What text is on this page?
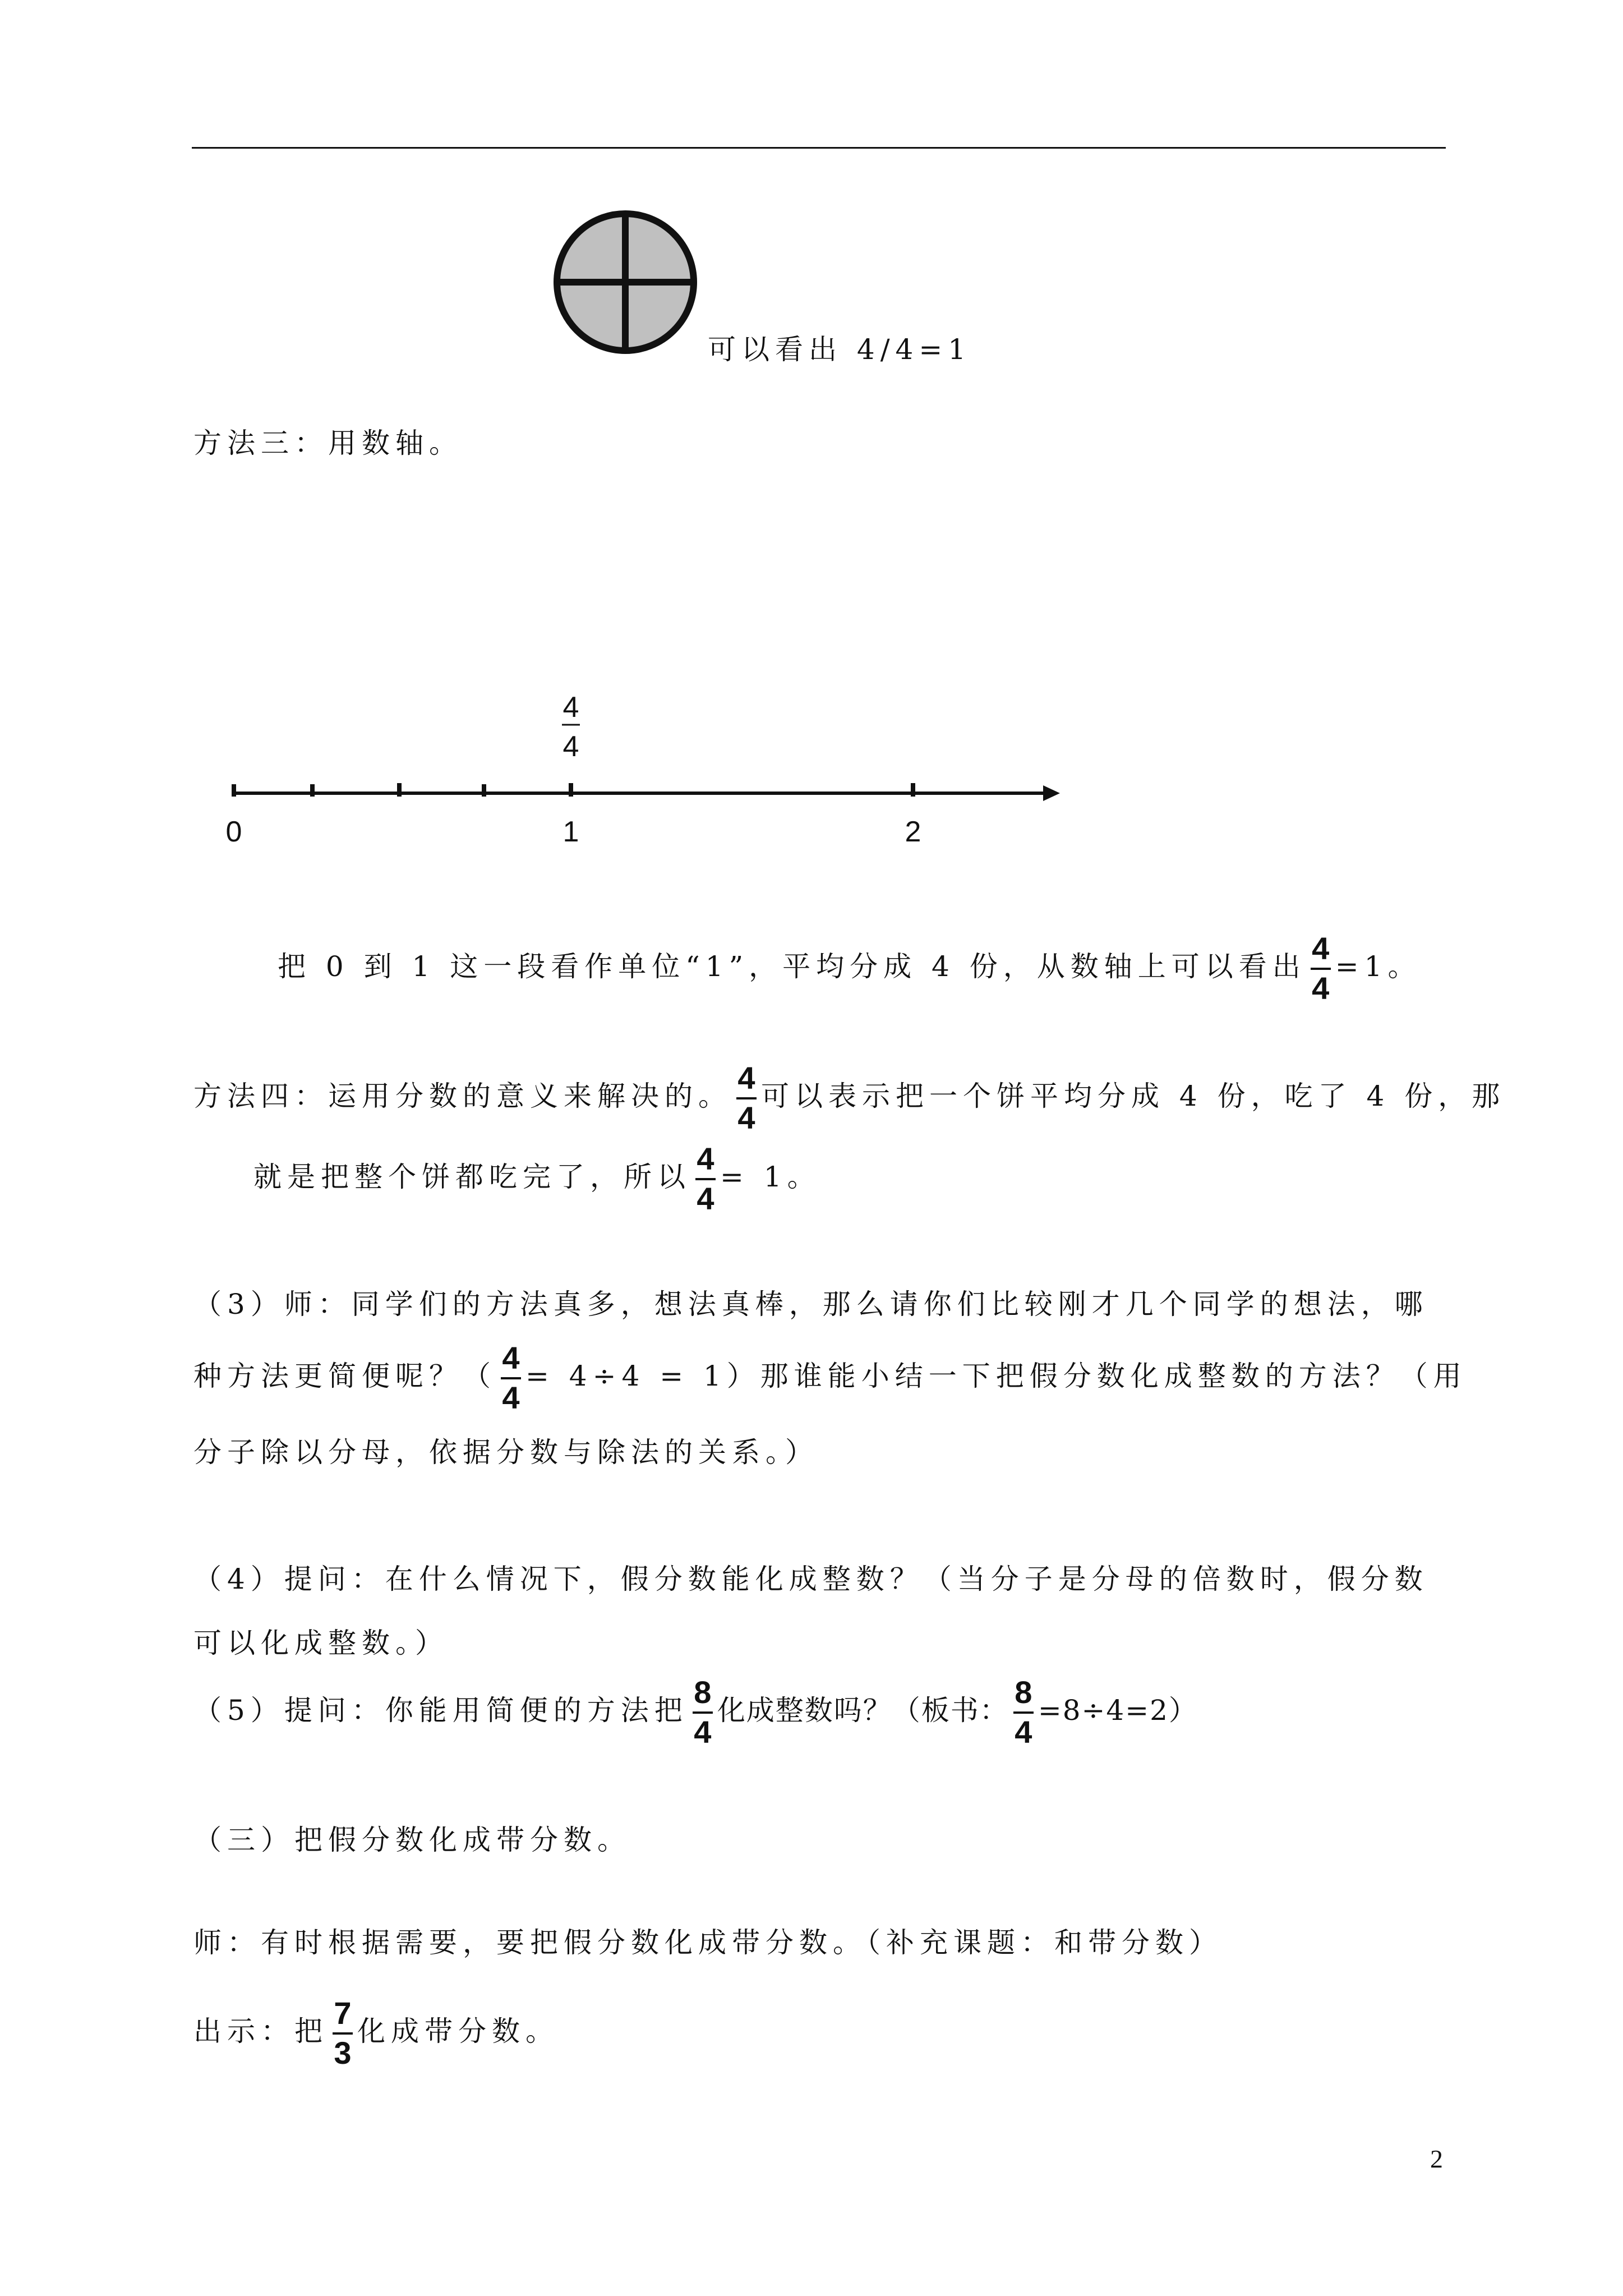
可以看出 4/4=1
方法三：用数轴。
4
4
0	1	2
把 0 到 1 这一段看作单位“1”，平均分成 4 份，从数轴上可以看出 $\frac{4}{4} =1$。
方法四：运用分数的意义来解决的。 $\frac{4}{4}$ 可以表示把一个饼平均分成 4 份，吃了 4 份，那
就是把整个饼都吃完了，所以 $\frac{4}{4} = 1$。
（3）师：同学们的方法真多，想法真棒，那么请你们比较刚才几个同学的想法，哪
种方法更简便呢？（ $\frac{4}{4} = 4\div 4 = 1$）那谁能小结一下把假分数化成整数的方法？（用
分子除以分母，依据分数与除法的关系。）
（4）提问：在什么情况下，假分数能化成整数？（当分子是分母的倍数时，假分数
可以化成整数。）
（5）提问：你能用简便的方法把 $\frac{8}{4}$ 化成整数吗？（板书： $\frac{8}{4} =8\div 4=2$）
（三）把假分数化成带分数。
师：有时根据需要，要把假分数化成带分数。（补充课题：和带分数）
出示：把 $\frac{7}{3}$ 化成带分数。
2
